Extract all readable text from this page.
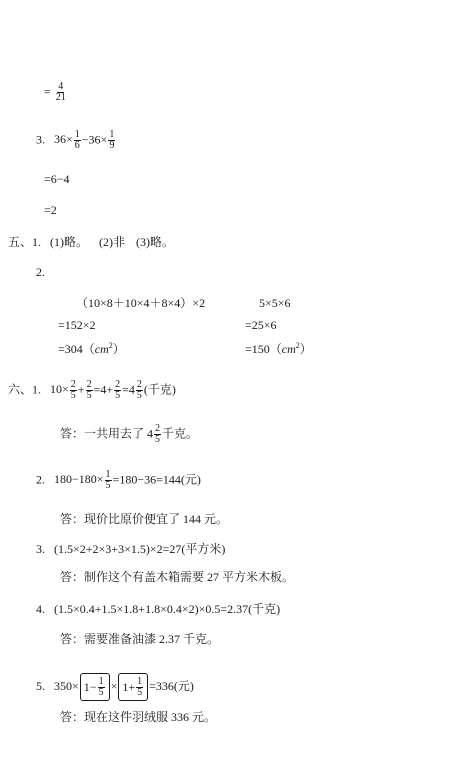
= $\frac{4}{21}$
3. $36\times \frac{1}{6} -36\times \frac{1}{9}$
=6−4
=2
五、1. (1)略。 (2)非 (3)略。
2.
（10×8＋10×4＋8×4）×2
=152×2
$=304(cm^2)$
5×5×6
=25×6
$=150(cm^2)$
六、1. $10\times \frac{2}{5} + \frac{2}{5} =4+ \frac{2}{5} =4 \frac{2}{5}$ (千克)
答：一共用去了 $4 \frac{2}{5}$ 千克。
2. $180-180\times \frac{1}{5} =180-36=144$(元)
答：现价比原价便宜了 144 元。
3. (1.5×2+2×3+3×1.5)×2=27(平方米)
答：制作这个有盖木箱需要 27 平方米木板。
4. (1.5×0.4+1.5×1.8+1.8×0.4×2)×0.5=2.37(千克)
答：需要准备油漆 2.37 千克。
5. $350\times 1- \frac{1}{5} \times 1+ \frac{1}{5} =336$(元)
答：现在这件羽绒服 336 元。
